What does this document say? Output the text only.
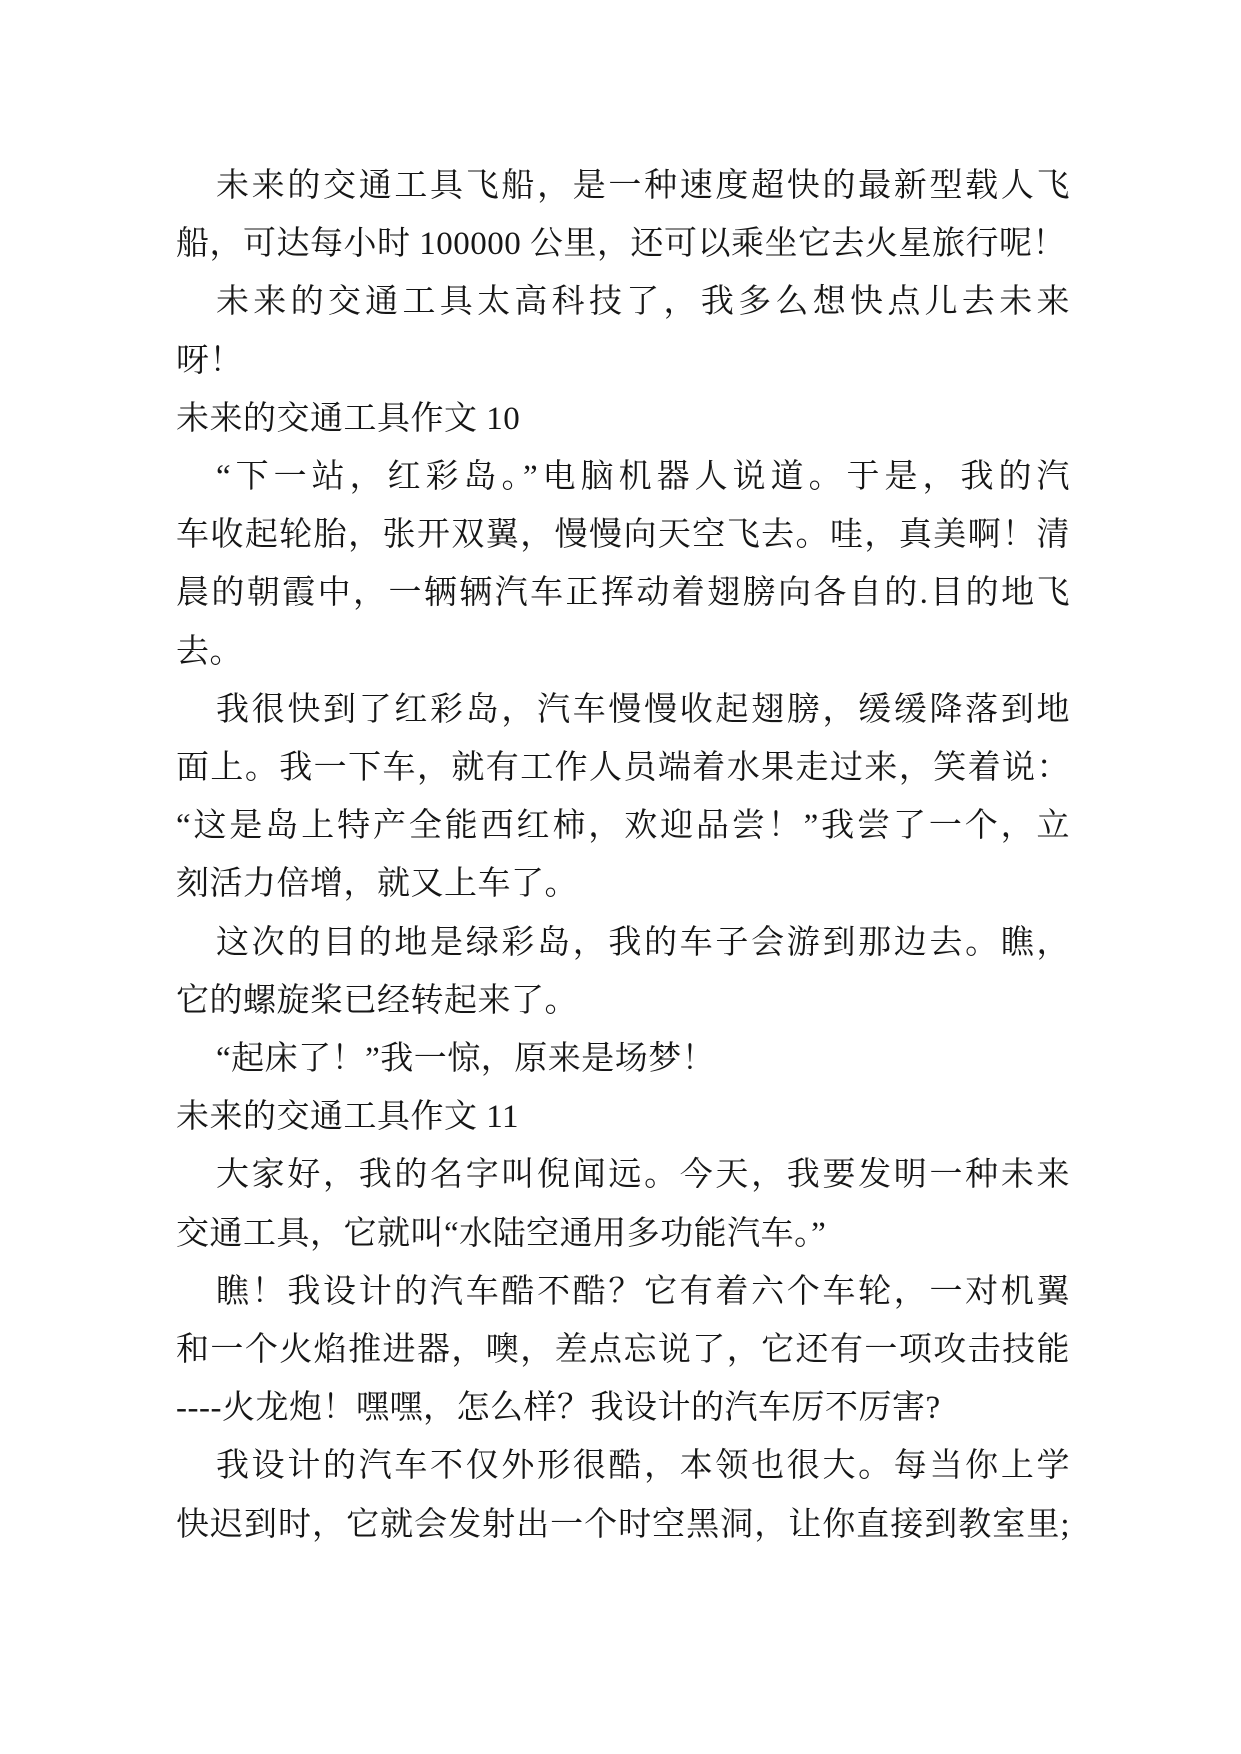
未来的交通工具飞船，是一种速度超快的最新型载人飞
船，可达每小时 100000 公里，还可以乘坐它去火星旅行呢！
未来的交通工具太高科技了，我多么想快点儿去未来
呀！
未来的交通工具作文 10
“下一站，红彩岛。”电脑机器人说道。于是，我的汽
车收起轮胎，张开双翼，慢慢向天空飞去。哇，真美啊！清
晨的朝霞中，一辆辆汽车正挥动着翅膀向各自的.目的地飞
去。
我很快到了红彩岛，汽车慢慢收起翅膀，缓缓降落到地
面上。我一下车，就有工作人员端着水果走过来，笑着说：
“这是岛上特产全能西红柿，欢迎品尝！”我尝了一个，立
刻活力倍增，就又上车了。
这次的目的地是绿彩岛，我的车子会游到那边去。瞧，
它的螺旋桨已经转起来了。
“起床了！”我一惊，原来是场梦！
未来的交通工具作文 11
大家好，我的名字叫倪闻远。今天，我要发明一种未来
交通工具，它就叫“水陆空通用多功能汽车。”
瞧！我设计的汽车酷不酷？它有着六个车轮，一对机翼
和一个火焰推进器，噢，差点忘说了，它还有一项攻击技能
----火龙炮！嘿嘿，怎么样？我设计的汽车厉不厉害?
我设计的汽车不仅外形很酷，本领也很大。每当你上学
快迟到时，它就会发射出一个时空黑洞，让你直接到教室里;
